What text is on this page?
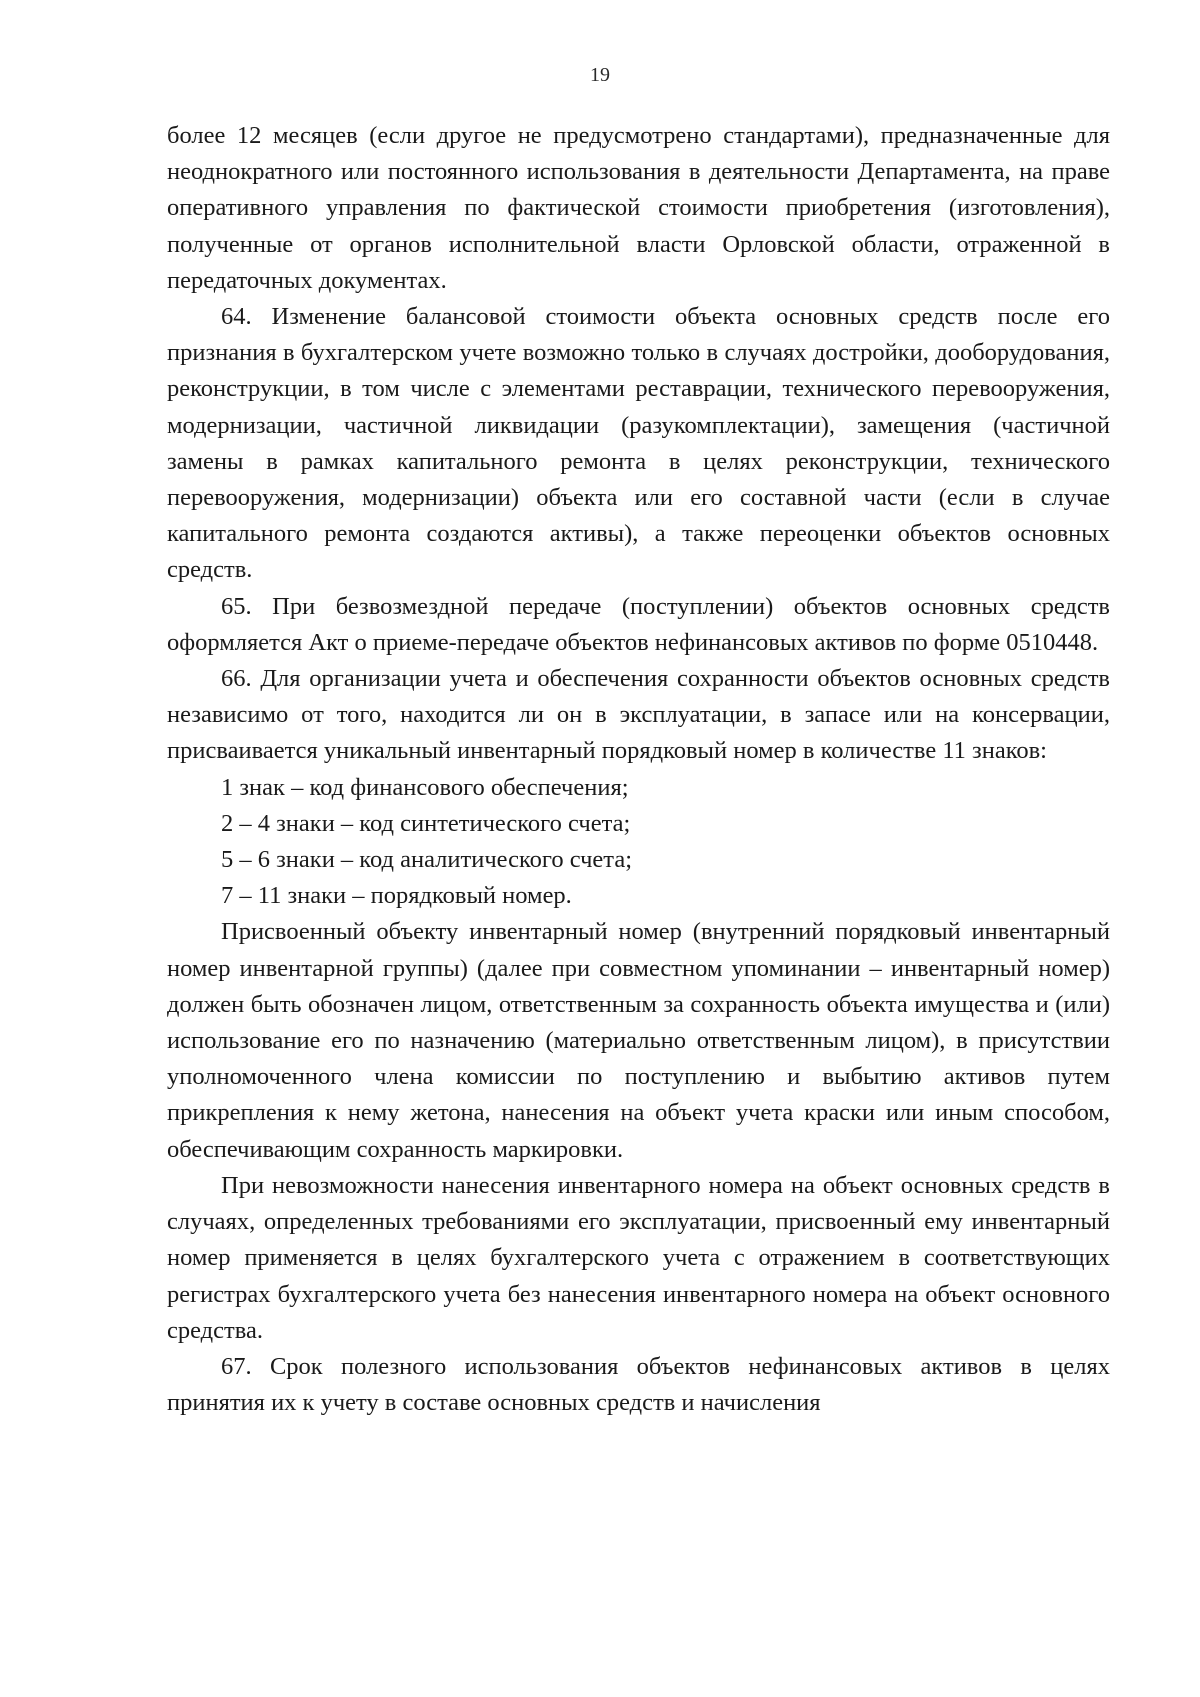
19

более 12 месяцев (если другое не предусмотрено стандартами), предназначенные для неоднократного или постоянного использования в деятельности Департамента, на праве оперативного управления по фактической стоимости приобретения (изготовления), полученные от органов исполнительной власти Орловской области, отраженной в передаточных документах.

64. Изменение балансовой стоимости объекта основных средств после его признания в бухгалтерском учете возможно только в случаях достройки, дооборудования, реконструкции, в том числе с элементами реставрации, технического перевооружения, модернизации, частичной ликвидации (разукомплектации), замещения (частичной замены в рамках капитального ремонта в целях реконструкции, технического перевооружения, модернизации) объекта или его составной части (если в случае капитального ремонта создаются активы), а также переоценки объектов основных средств.

65. При безвозмездной передаче (поступлении) объектов основных средств оформляется Акт о приеме-передаче объектов нефинансовых активов по форме 0510448.

66. Для организации учета и обеспечения сохранности объектов основных средств независимо от того, находится ли он в эксплуатации, в запасе или на консервации, присваивается уникальный инвентарный порядковый номер в количестве 11 знаков:

1 знак – код финансового обеспечения;

2 – 4 знаки – код синтетического счета;

5 – 6 знаки – код аналитического счета;

7 – 11 знаки – порядковый номер.

Присвоенный объекту инвентарный номер (внутренний порядковый инвентарный номер инвентарной группы) (далее при совместном упоминании – инвентарный номер) должен быть обозначен лицом, ответственным за сохранность объекта имущества и (или) использование его по назначению (материально ответственным лицом), в присутствии уполномоченного члена комиссии по поступлению и выбытию активов путем прикрепления к нему жетона, нанесения на объект учета краски или иным способом, обеспечивающим сохранность маркировки.

При невозможности нанесения инвентарного номера на объект основных средств в случаях, определенных требованиями его эксплуатации, присвоенный ему инвентарный номер применяется в целях бухгалтерского учета с отражением в соответствующих регистрах бухгалтерского учета без нанесения инвентарного номера на объект основного средства.

67. Срок полезного использования объектов нефинансовых активов в целях принятия их к учету в составе основных средств и начисления
